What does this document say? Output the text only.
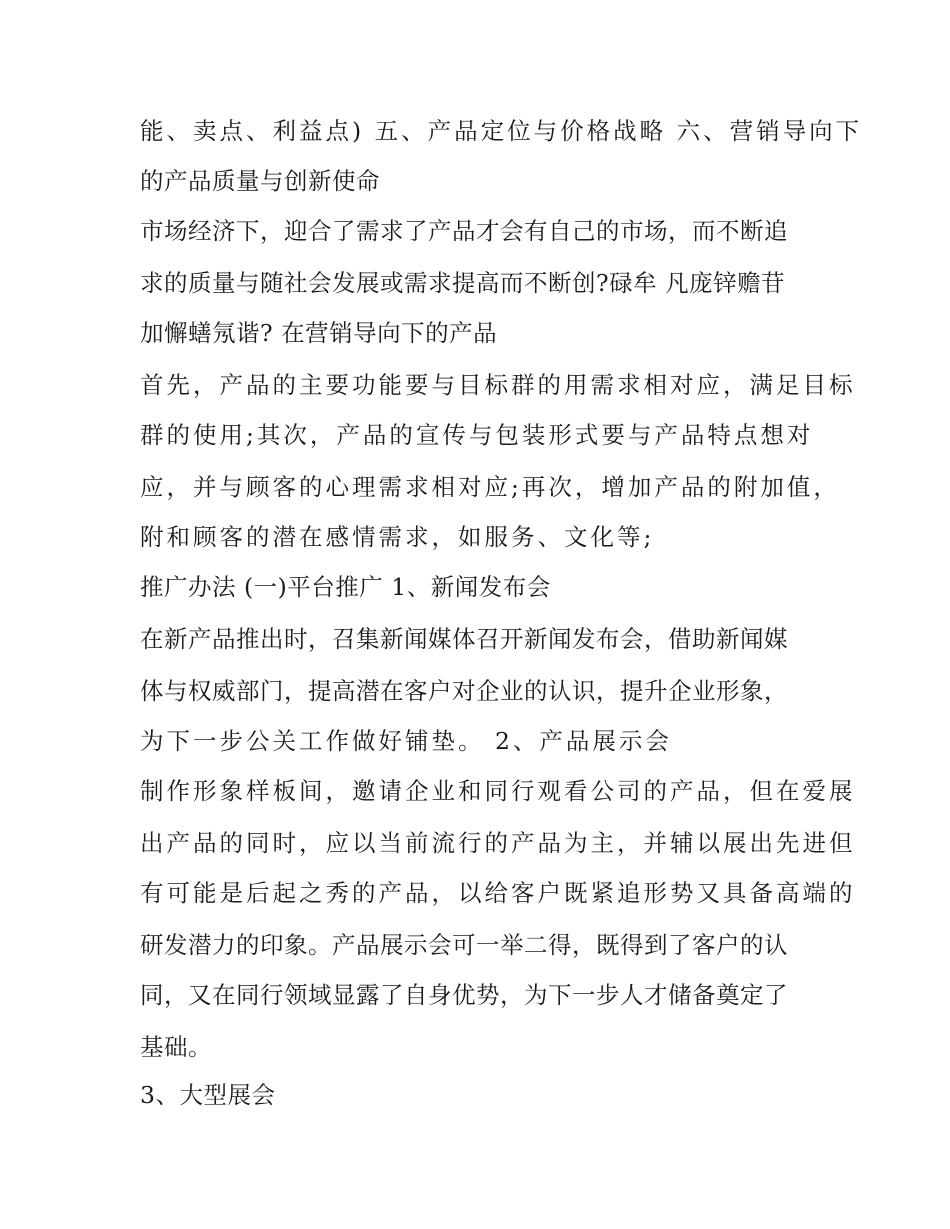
能、卖点、利益点) 五、产品定位与价格战略 六、营销导向下
的产品质量与创新使命
市场经济下，迎合了需求了产品才会有自己的市场，而不断追
求的质量与随社会发展或需求提高而不断创?碌牟 凡庞锌赡苷
加懈蟮氖谐? 在营销导向下的产品
首先，产品的主要功能要与目标群的用需求相对应，满足目标
群的使用;其次，产品的宣传与包装形式要与产品特点想对
应，并与顾客的心理需求相对应;再次，增加产品的附加值，
附和顾客的潜在感情需求，如服务、文化等;
推广办法 (一)平台推广 1、新闻发布会
在新产品推出时，召集新闻媒体召开新闻发布会，借助新闻媒
体与权威部门，提高潜在客户对企业的认识，提升企业形象，
为下一步公关工作做好铺垫。 2、产品展示会
制作形象样板间，邀请企业和同行观看公司的产品，但在爱展
出产品的同时，应以当前流行的产品为主，并辅以展出先进但
有可能是后起之秀的产品，以给客户既紧追形势又具备高端的
研发潜力的印象。产品展示会可一举二得，既得到了客户的认
同，又在同行领域显露了自身优势，为下一步人才储备奠定了
基础。
3、大型展会
